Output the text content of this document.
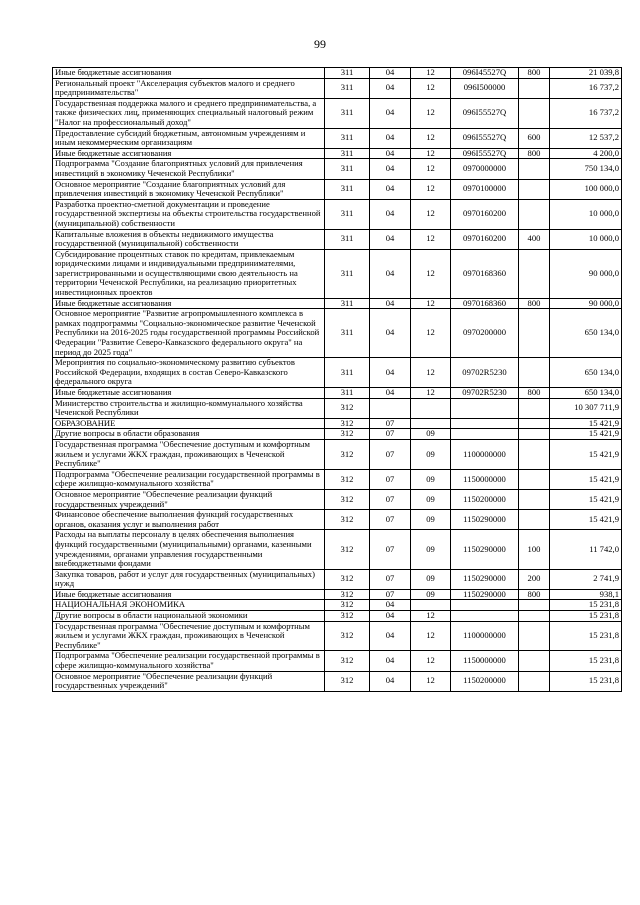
99
Иные бюджетные ассигнования	311	04	12	096I45527Q	800	21 039,8
Региональный проект "Акселерация субъектов малого и среднего предпринимательства"	311	04	12	096I500000		16 737,2
Государственная поддержка малого и среднего предпринимательства, а также физических лиц, применяющих специальный налоговый режим "Налог на профессиональный доход"	311	04	12	096I55527Q		16 737,2
Предоставление субсидий бюджетным, автономным учреждениям и иным некоммерческим организациям	311	04	12	096I55527Q	600	12 537,2
Иные бюджетные ассигнования	311	04	12	096I55527Q	800	4 200,0
Подпрограмма "Создание благоприятных условий для привлечения инвестиций в экономику Чеченской Республики"	311	04	12	0970000000		750 134,0
Основное мероприятие "Создание благоприятных условий для привлечения инвестиций в экономику Чеченской Республики"	311	04	12	0970100000		100 000,0
Разработка проектно-сметной документации и проведение государственной экспертизы на объекты строительства государственной (муниципальной) собственности	311	04	12	0970160200		10 000,0
Капитальные вложения в объекты недвижимого имущества государственной (муниципальной) собственности	311	04	12	0970160200	400	10 000,0
Субсидирование процентных ставок по кредитам, привлекаемым юридическими лицами и индивидуальными предпринимателями, зарегистрированными и осуществляющими свою деятельность на территории Чеченской Республики, на реализацию приоритетных инвестиционных проектов	311	04	12	0970168360		90 000,0
Иные бюджетные ассигнования	311	04	12	0970168360	800	90 000,0
Основное мероприятие "Развитие агропромышленного комплекса в рамках подпрограммы "Социально-экономическое развитие Чеченской Республики на 2016-2025 годы государственной программы Российской Федерации "Развитие Северо-Кавказского федерального округа" на период до 2025 года"	311	04	12	0970200000		650 134,0
Мероприятия по социально-экономическому развитию субъектов Российской Федерации, входящих в состав Северо-Кавказского федерального округа	311	04	12	09702R5230		650 134,0
Иные бюджетные ассигнования	311	04	12	09702R5230	800	650 134,0
Министерство строительства и жилищно-коммунального хозяйства Чеченской Республики	312					10 307 711,9
ОБРАЗОВАНИЕ	312	07				15 421,9
Другие вопросы в области образования	312	07	09			15 421,9
Государственная программа "Обеспечение доступным и комфортным жильем и услугами ЖКХ граждан, проживающих в Чеченской Республике"	312	07	09	1100000000		15 421,9
Подпрограмма "Обеспечение реализации государственной программы в сфере жилищно-коммунального хозяйства"	312	07	09	1150000000		15 421,9
Основное мероприятие "Обеспечение реализации функций государственных учреждений"	312	07	09	1150200000		15 421,9
Финансовое обеспечение выполнения функций государственных органов, оказания услуг и выполнения работ	312	07	09	1150290000		15 421,9
Расходы на выплаты персоналу в целях обеспечения выполнения функций государственными (муниципальными) органами, казенными учреждениями, органами управления государственными внебюджетными фондами	312	07	09	1150290000	100	11 742,0
Закупка товаров, работ и услуг для государственных (муниципальных) нужд	312	07	09	1150290000	200	2 741,9
Иные бюджетные ассигнования	312	07	09	1150290000	800	938,1
НАЦИОНАЛЬНАЯ ЭКОНОМИКА	312	04				15 231,8
Другие вопросы в области национальной экономики	312	04	12			15 231,8
Государственная программа "Обеспечение доступным и комфортным жильем и услугами ЖКХ граждан, проживающих в Чеченской Республике"	312	04	12	1100000000		15 231,8
Подпрограмма "Обеспечение реализации государственной программы в сфере жилищно-коммунального хозяйства"	312	04	12	1150000000		15 231,8
Основное мероприятие "Обеспечение реализации функций государственных учреждений"	312	04	12	1150200000		15 231,8
